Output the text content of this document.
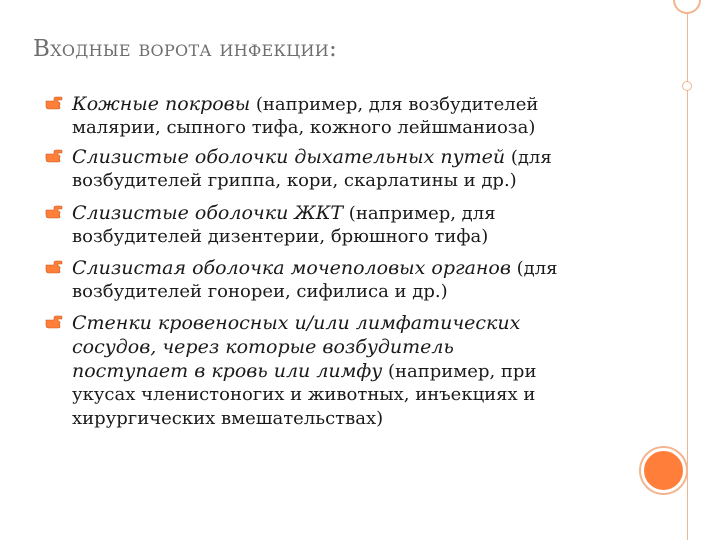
Входные ворота инфекции:
Кожные покровы (например, для возбудителей
малярии, сыпного тифа, кожного лейшманиоза)
Слизистые оболочки дыхательных путей (для
возбудителей гриппа, кори, скарлатины и др.)
Слизистые оболочки ЖКТ (например, для
возбудителей дизентерии, брюшного тифа)
Слизистая оболочка мочеполовых органов (для
возбудителей гонореи, сифилиса и др.)
Стенки кровеносных и/или лимфатических
сосудов, через которые возбудитель
поступает в кровь или лимфу (например, при
укусах членистоногих и животных, инъекциях и
хирургических вмешательствах)
